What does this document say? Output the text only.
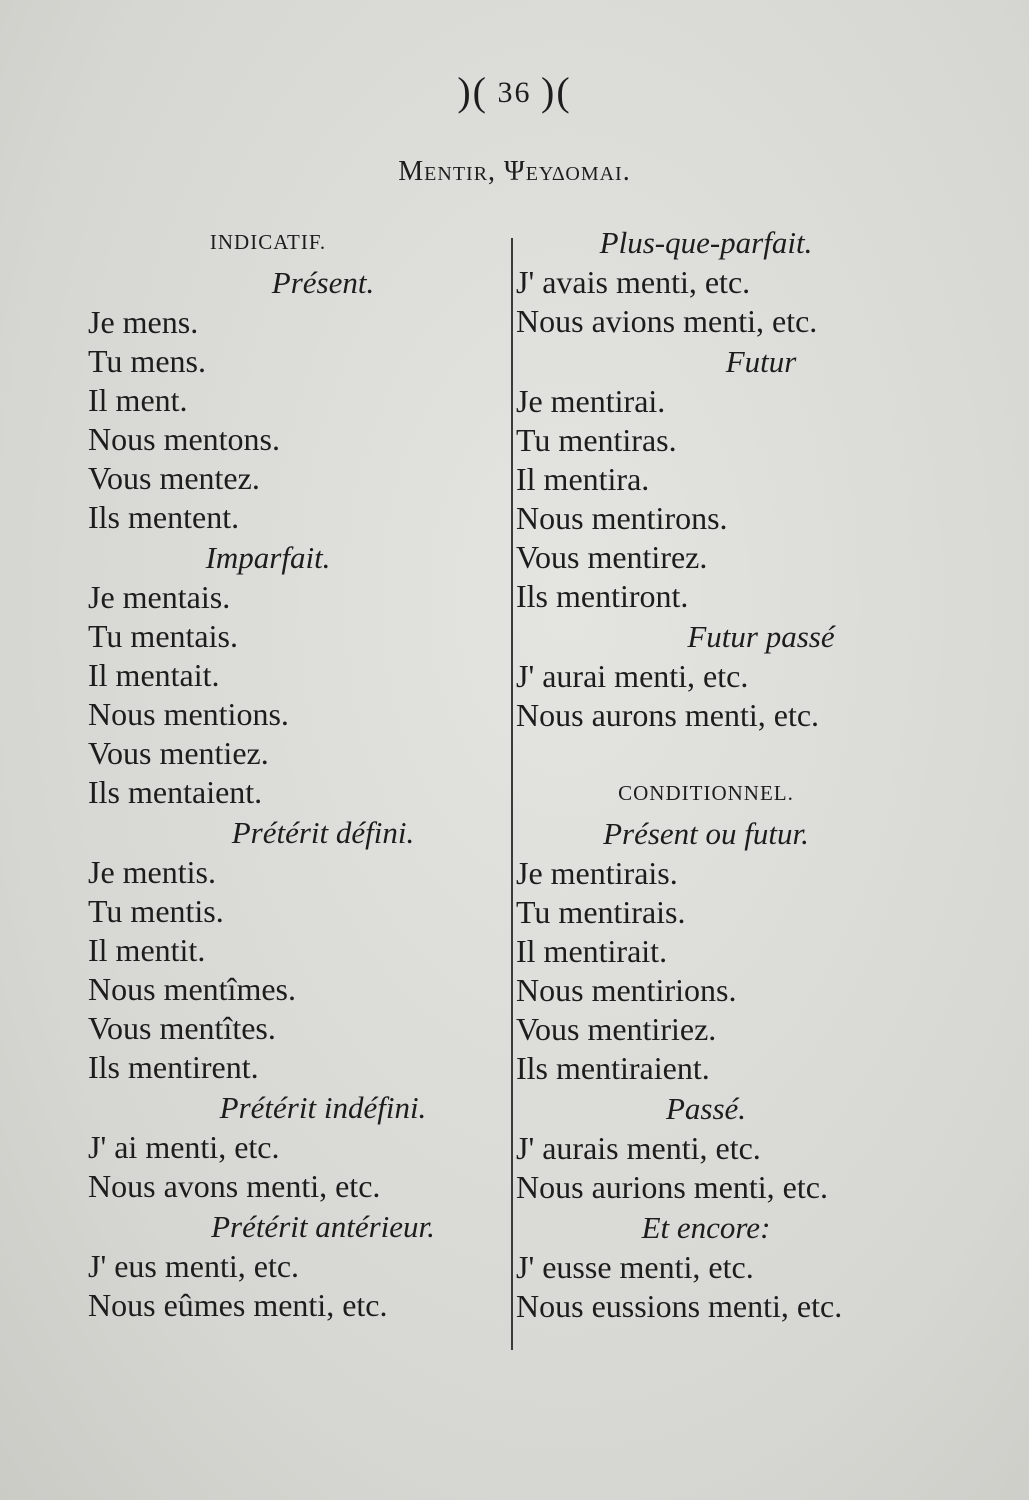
)( 36 )(
Mentir, Ψευδομαι.
INDICATIF.
Présent.
Je mens.
Tu mens.
Il ment.
Nous mentons.
Vous mentez.
Ils mentent.
Imparfait.
Je mentais.
Tu mentais.
Il mentait.
Nous mentions.
Vous mentiez.
Ils mentaient.
Prétérit défini.
Je mentis.
Tu mentis.
Il mentit.
Nous mentîmes.
Vous mentîtes.
Ils mentirent.
Prétérit indéfini.
J' ai menti, etc.
Nous avons menti, etc.
Prétérit antérieur.
J' eus menti, etc.
Nous eûmes menti, etc.
Plus-que-parfait.
J' avais menti, etc.
Nous avions menti, etc.
Futur
Je mentirai.
Tu mentiras.
Il mentira.
Nous mentirons.
Vous mentirez.
Ils mentiront.
Futur passé
J' aurai menti, etc.
Nous aurons menti, etc.
CONDITIONNEL.
Présent ou futur.
Je mentirais.
Tu mentirais.
Il mentirait.
Nous mentirions.
Vous mentiriez.
Ils mentiraient.
Passé.
J' aurais menti, etc.
Nous aurions menti, etc.
Et encore:
J' eusse menti, etc.
Nous eussions menti, etc.
